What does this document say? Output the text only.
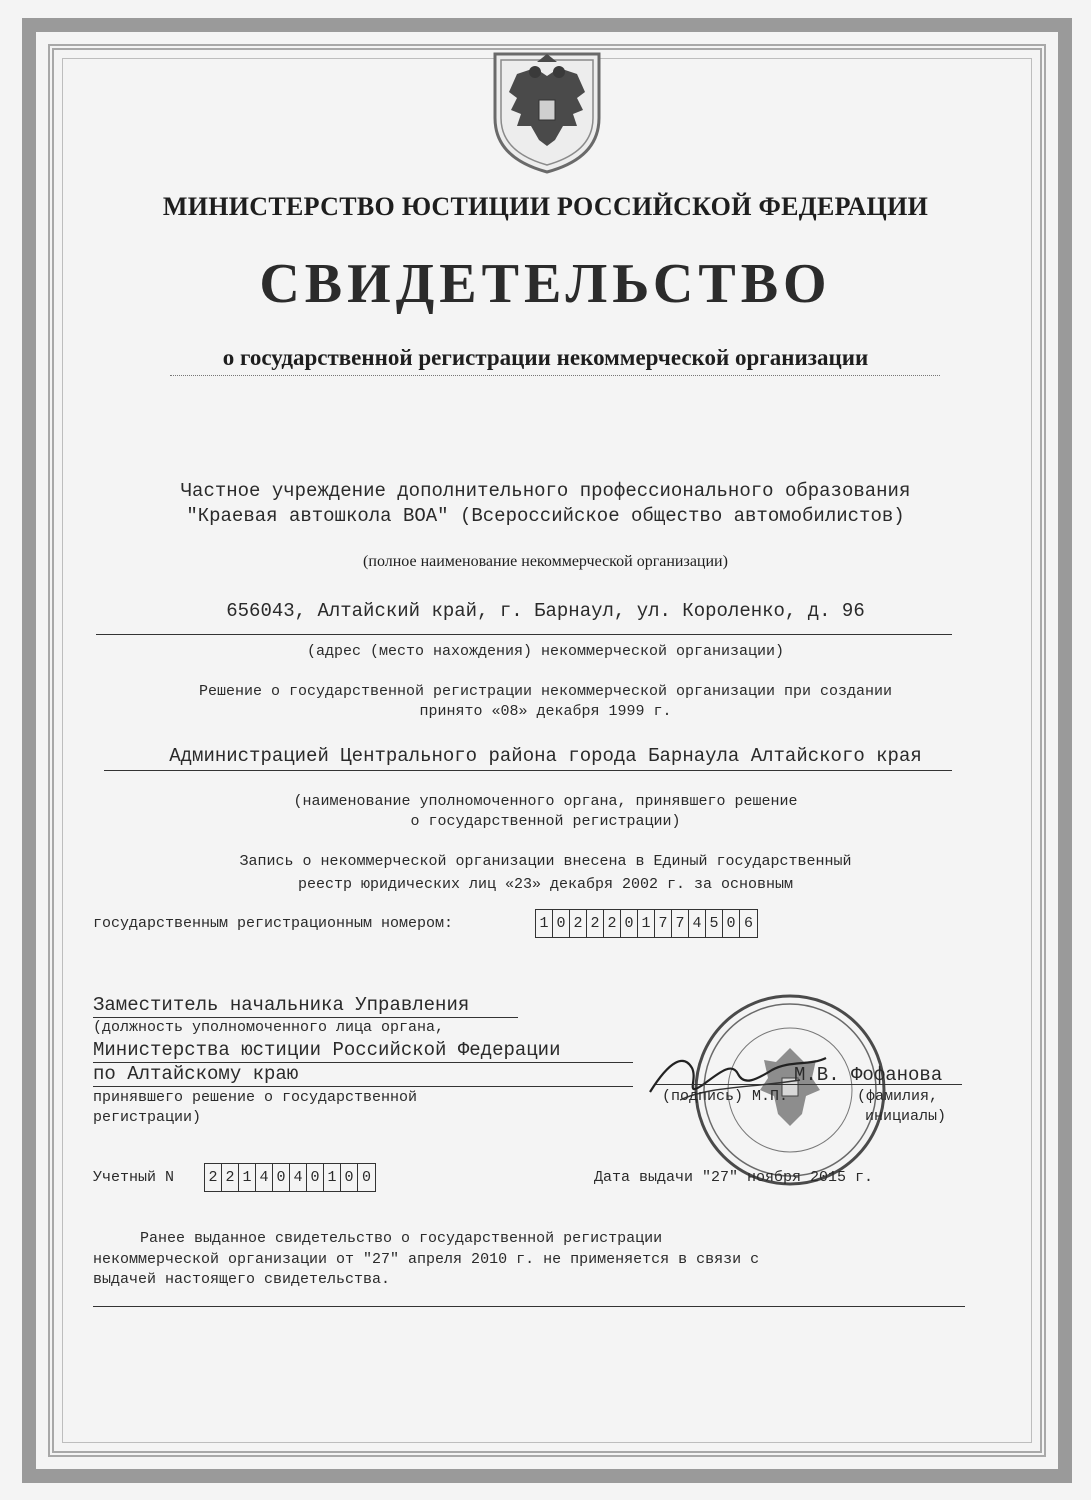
МИНИСТЕРСТВО ЮСТИЦИИ РОССИЙСКОЙ ФЕДЕРАЦИИ
СВИДЕТЕЛЬСТВО
о государственной регистрации некоммерческой организации
Частное учреждение дополнительного профессионального образования
"Краевая автошкола ВОА" (Всероссийское общество автомобилистов)
(полное наименование некоммерческой организации)
656043, Алтайский край, г. Барнаул, ул. Короленко, д. 96
(адрес (место нахождения) некоммерческой организации)
Решение о государственной регистрации некоммерческой организации при создании
принято «08» декабря 1999 г.
Администрацией Центрального района города Барнаула Алтайского края
(наименование уполномоченного органа, принявшего решение
о государственной регистрации)
Запись о некоммерческой организации внесена в Единый государственный
реестр юридических лиц «23» декабря 2002 г. за основным
государственным регистрационным номером:	1 0 2 2 2 0 1 7 7 4 5 0 6
Заместитель начальника Управления
(должность уполномоченного лица органа,
Министерства юстиции Российской Федерации
по Алтайскому краю
принявшего решение о государственной
регистрации)
М.В. Фофанова
(подпись) М.П.	(фамилия,
инициалы)
Учетный N 2 2 1 4 0 4 0 1 0 0	Дата выдачи "27" ноября 2015 г.
Ранее выданное свидетельство о государственной регистрации
некоммерческой организации от "27" апреля 2010 г. не применяется в связи с
выдачей настоящего свидетельства.
